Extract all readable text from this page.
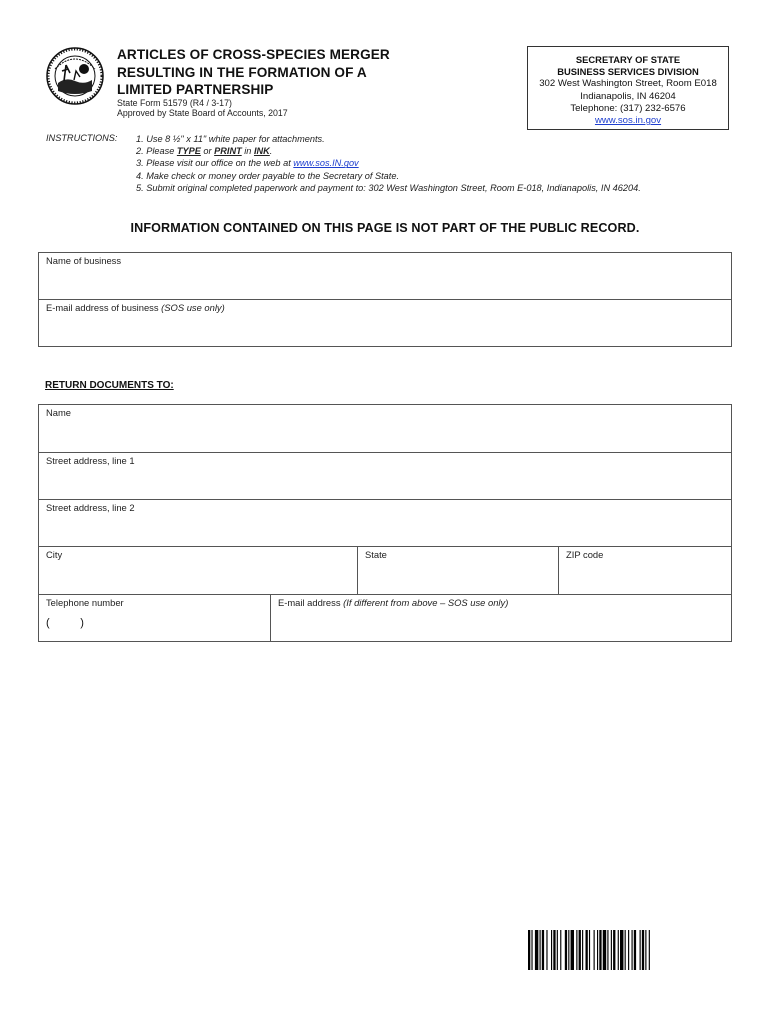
ARTICLES OF CROSS-SPECIES MERGER
RESULTING IN THE FORMATION OF A
LIMITED PARTNERSHIP
State Form 51579 (R4 / 3-17)
Approved by State Board of Accounts, 2017
SECRETARY OF STATE
BUSINESS SERVICES DIVISION
302 West Washington Street, Room E018
Indianapolis, IN 46204
Telephone: (317) 232-6576
www.sos.in.gov
INSTRUCTIONS: 1. Use 8 ½" x 11" white paper for attachments.
2. Please TYPE or PRINT in INK.
3. Please visit our office on the web at www.sos.IN.gov
4. Make check or money order payable to the Secretary of State.
5. Submit original completed paperwork and payment to: 302 West Washington Street, Room E-018, Indianapolis, IN 46204.
INFORMATION CONTAINED ON THIS PAGE IS NOT PART OF THE PUBLIC RECORD.
Name of business
E-mail address of business (SOS use only)
RETURN DOCUMENTS TO:
Name
Street address, line 1
Street address, line 2
City	State	ZIP code
Telephone number
(          )
E-mail address (If different from above – SOS use only)
